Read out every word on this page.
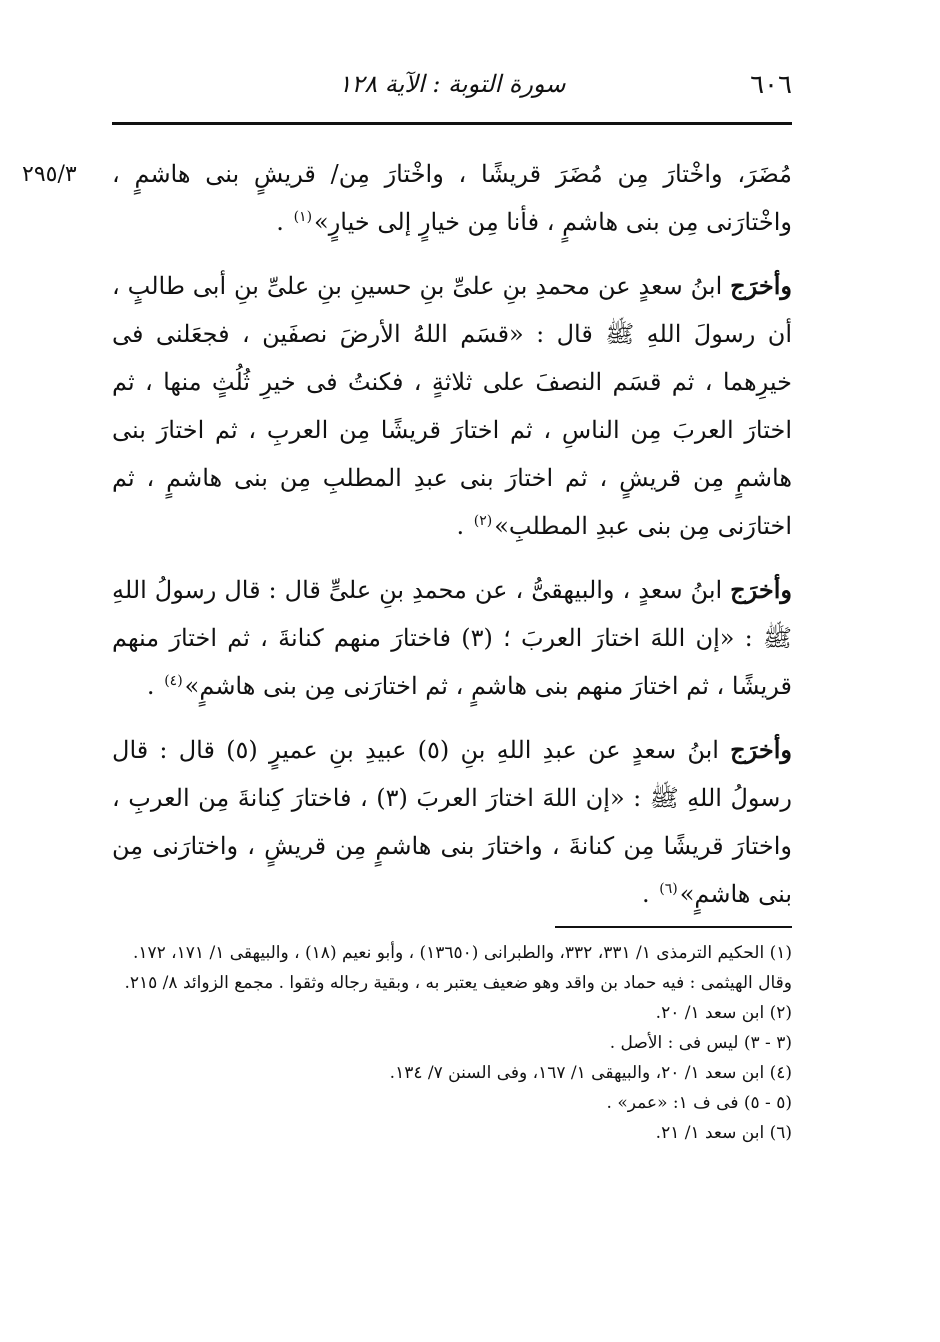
٦٠٦
سورة التوبة : الآية ١٢٨
٢٩٥/٣	مُضَرَ، واخْتارَ مِن مُضَرَ قريشًا ، واخْتارَ مِن/ قريشٍ بنى هاشمٍ ، واخْتارَنى مِن بنى هاشمٍ ، فأنا مِن خيارٍ إلى خيارٍ»$^{(١)}$ .

وأخرَج ابنُ سعدٍ عن محمدِ بنِ علىِّ بنِ حسينِ بنِ علىِّ بنِ أبى طالبٍ ، أن رسولَ اللهِ ﷺ قال : «قسَم اللهُ الأرضَ نصفَين ، فجعَلنى فى خيرِهما ، ثم قسَم النصفَ على ثلاثةٍ ، فكنتُ فى خيرِ ثُلُثٍ منها ، ثم اختارَ العربَ مِن الناسِ ، ثم اختارَ قريشًا مِن العربِ ، ثم اختارَ بنى هاشمٍ مِن قريشٍ ، ثم اختارَ بنى عبدِ المطلبِ مِن بنى هاشمٍ ، ثم اختارَنى مِن بنى عبدِ المطلبِ»$^{(٢)}$ .

وأخرَج ابنُ سعدٍ ، والبيهقىُّ ، عن محمدِ بنِ علىٍّ قال : قال رسولُ اللهِ ﷺ : «إن اللهَ اختارَ العربَ ؛ (٣) فاختارَ منهم كنانةَ ، ثم اختارَ منهم قريشًا ، ثم اختارَ منهم بنى هاشمٍ ، ثم اختارَنى مِن بنى هاشمٍ»$^{(٤)}$ .

وأخرَج ابنُ سعدٍ عن عبدِ اللهِ بنِ (٥) عبيدِ بنِ عميرٍ (٥) قال : قال رسولُ اللهِ ﷺ : «إن اللهَ اختارَ العربَ (٣) ، فاختارَ كِنانةَ مِن العربِ ، واختارَ قريشًا مِن كنانةَ ، واختارَ بنى هاشمٍ مِن قريشٍ ، واختارَنى مِن بنى هاشمٍ»$^{(٦)}$ .

(١) الحكيم الترمذى ١/ ٣٣١، ٣٣٢، والطبرانى (١٣٦٥٠) ، وأبو نعيم (١٨) ، والبيهقى ١/ ١٧١، ١٧٢. وقال الهيثمى : فيه حماد بن واقد وهو ضعيف يعتبر به ، وبقية رجاله وثقوا . مجمع الزوائد ٨/ ٢١٥.

(٢) ابن سعد ١/ ٢٠.

(٣ - ٣) ليس فى : الأصل .

(٤) ابن سعد ١/ ٢٠، والبيهقى ١/ ١٦٧، وفى السنن ٧/ ١٣٤.

(٥ - ٥) فى ف ١: «عمر» .

(٦) ابن سعد ١/ ٢١.
